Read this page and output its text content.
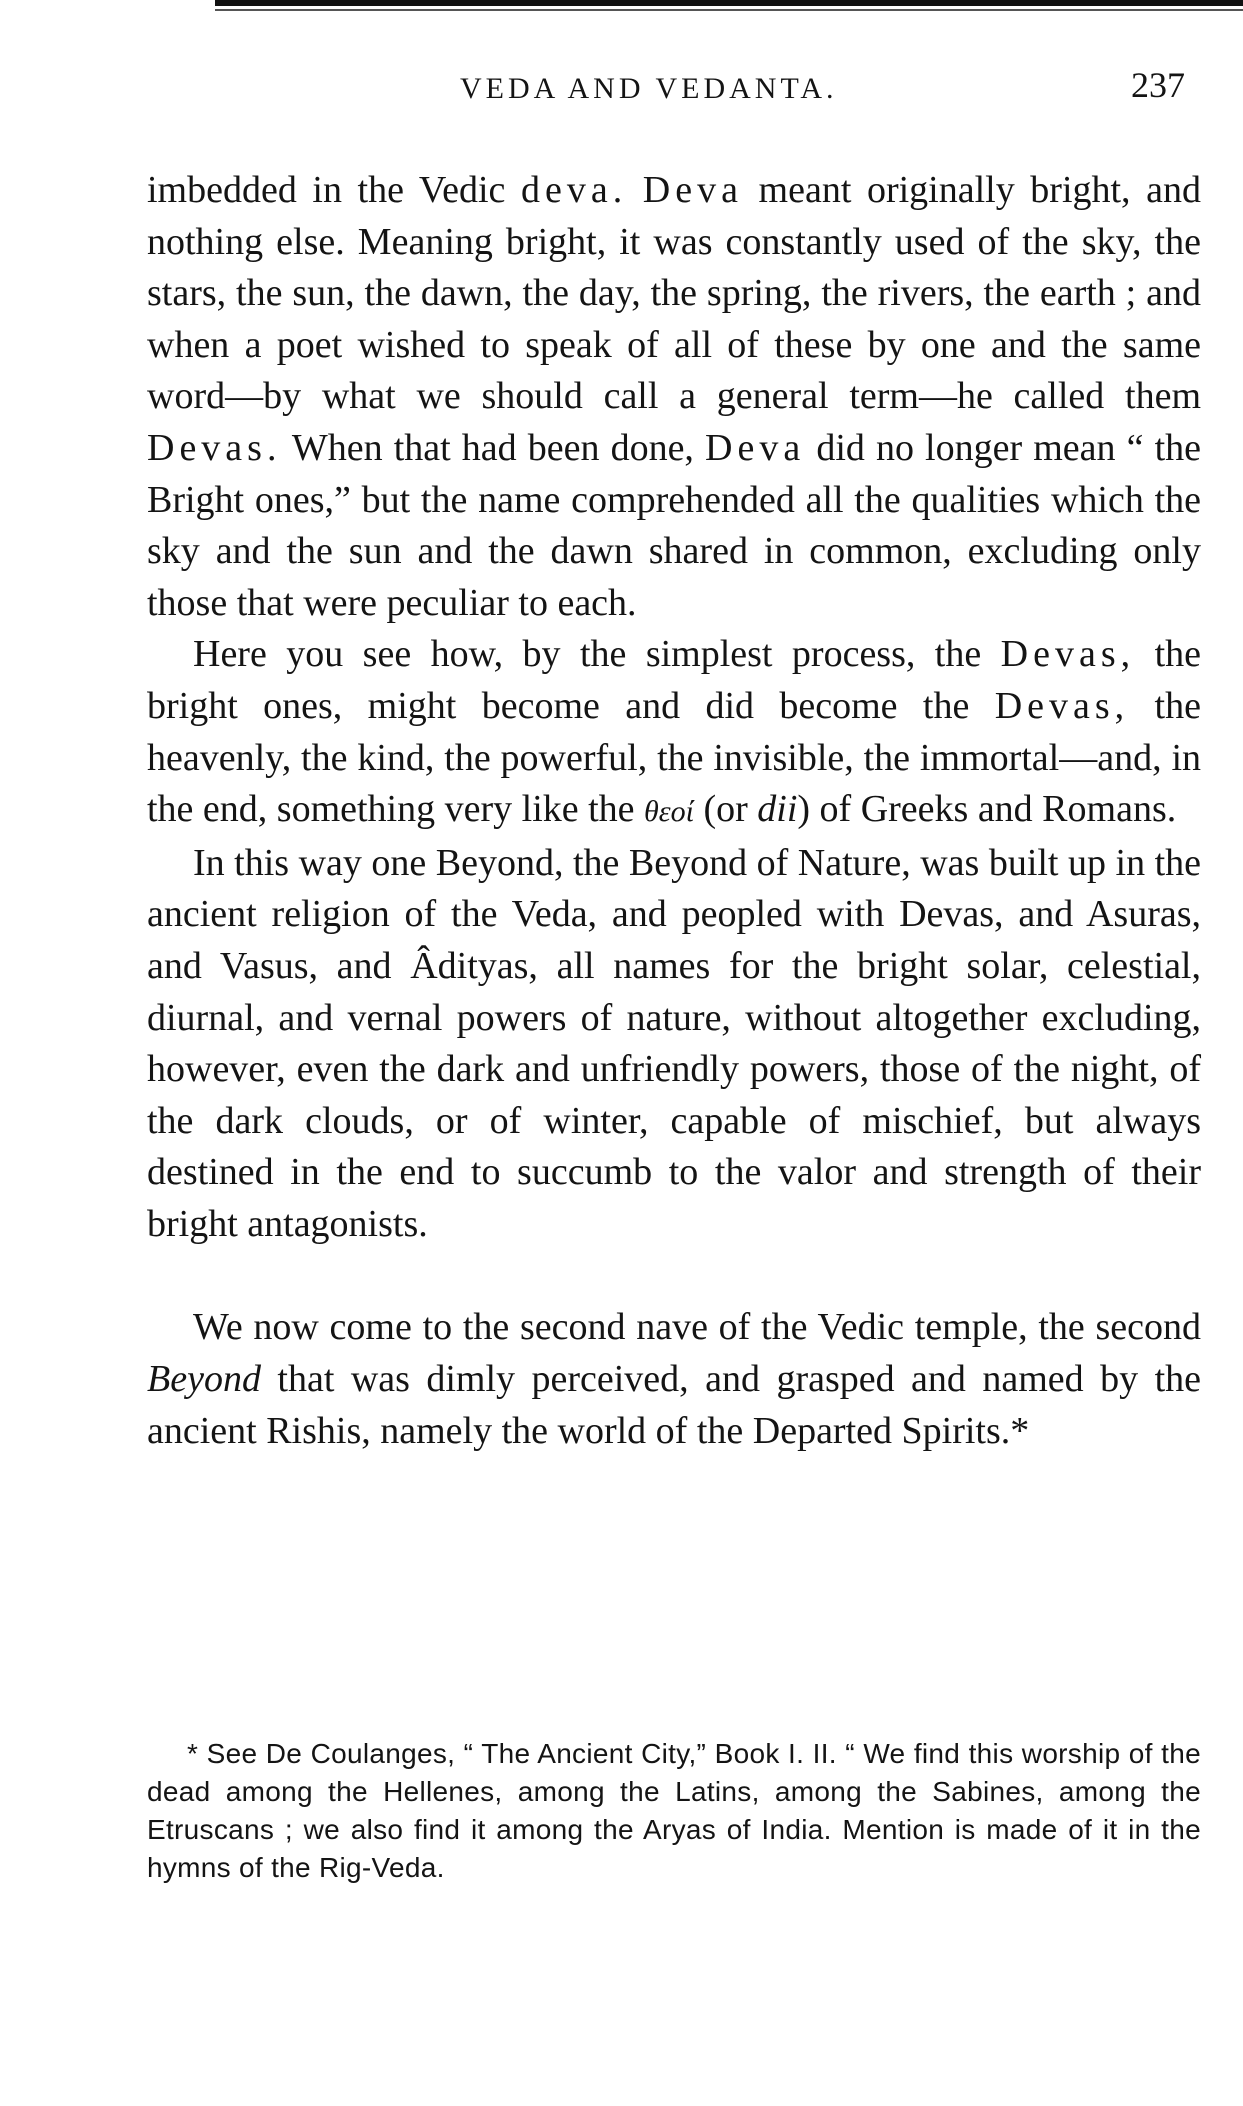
VEDA AND VEDANTA.	237

imbedded in the Vedic deva. Deva meant originally bright, and nothing else. Meaning bright, it was constantly used of the sky, the stars, the sun, the dawn, the day, the spring, the rivers, the earth ; and when a poet wished to speak of all of these by one and the same word—by what we should call a general term—he called them Devas. When that had been done, Deva did no longer mean “ the Bright ones,” but the name comprehended all the qualities which the sky and the sun and the dawn shared in common, excluding only those that were peculiar to each.

Here you see how, by the simplest process, the Devas, the bright ones, might become and did become the Devas, the heavenly, the kind, the powerful, the invisible, the immortal—and, in the end, something very like the θεοί (or dii) of Greeks and Romans.

In this way one Beyond, the Beyond of Nature, was built up in the ancient religion of the Veda, and peopled with Devas, and Asuras, and Vasus, and Âdityas, all names for the bright solar, celestial, diurnal, and vernal powers of nature, without altogether excluding, however, even the dark and unfriendly powers, those of the night, of the dark clouds, or of winter, capable of mischief, but always destined in the end to succumb to the valor and strength of their bright antagonists.

We now come to the second nave of the Vedic temple, the second Beyond that was dimly perceived, and grasped and named by the ancient Rishis, namely the world of the Departed Spirits.*

* See De Coulanges, “ The Ancient City,” Book I. II. “ We find this worship of the dead among the Hellenes, among the Latins, among the Sabines, among the Etruscans ; we also find it among the Aryas of India. Mention is made of it in the hymns of the Rig-Veda.
